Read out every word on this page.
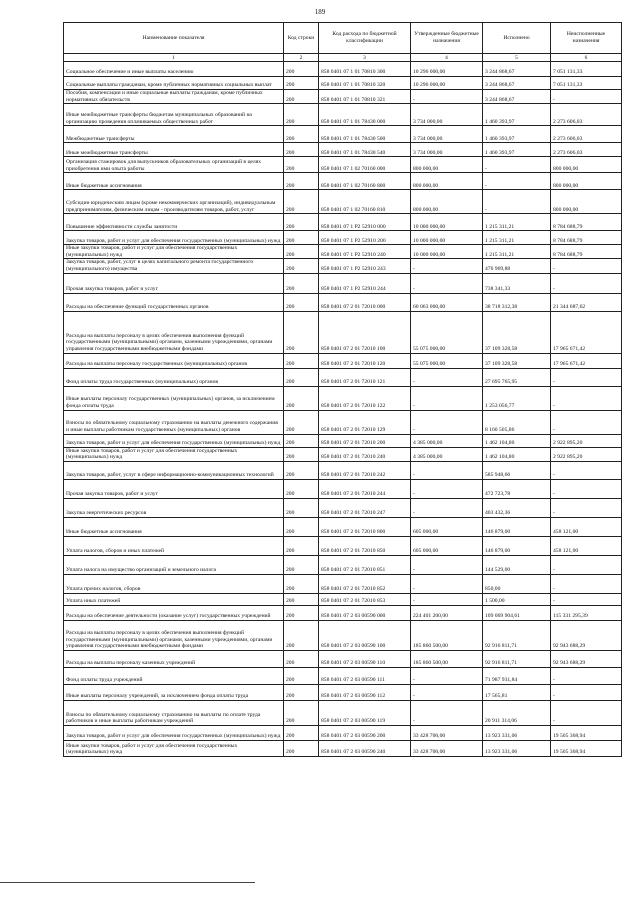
189
Наименование показателя	Код строки	Код расхода по бюджетной классификации	Утвержденные бюджетные назначения	Исполнено	Неисполненные назначения
1	2	3	4	5	6
Социальное обеспечение и иные выплаты населению	200	858 0401 07 1 01 70810 300	10 296 000,00	3 244 868,67	7 051 131,33
Социальные выплаты гражданам, кроме публичных нормативных социальных выплат	200	858 0401 07 1 01 70810 320	10 296 000,00	3 244 868,67	7 051 131,33
Пособия, компенсации и иные социальные выплаты гражданам, кроме публичных нормативных обязательств	200	858 0401 07 1 01 70810 321	-	3 244 868,67	-
Иные межбюджетные трансферты бюджетам муниципальных образований на организацию проведения оплачиваемых общественных работ	200	858 0401 07 1 01 78430 000	3 734 000,00	1 460 393,97	2 273 606,03
Межбюджетные трансферты	200	858 0401 07 1 01 78430 500	3 734 000,00	1 460 393,97	2 273 606,03
Иные межбюджетные трансферты	200	858 0401 07 1 01 78430 540	3 734 000,00	1 460 393,97	2 273 606,03
Организация стажировок для выпускников образовательных организаций в целях приобретения ими опыта работы	200	858 0401 07 1 02 70160 000	800 000,00	-	800 000,00
Иные бюджетные ассигнования	200	858 0401 07 1 02 70160 800	800 000,00	-	800 000,00
Субсидии юридическим лицам (кроме некоммерческих организаций), индивидуальным предпринимателям, физическим лицам - производителям товаров, работ, услуг	200	858 0401 07 1 02 70160 810	800 000,00	-	800 000,00
Повышение эффективности службы занятости	200	858 0401 07 1 P2 52910 000	10 000 000,00	1 215 311,21	8 784 688,79
Закупка товаров, работ и услуг для обеспечения государственных (муниципальных) нужд	200	858 0401 07 1 P2 52910 200	10 000 000,00	1 215 311,21	8 784 688,79
Иные закупки товаров, работ и услуг для обеспечения государственных (муниципальных) нужд	200	858 0401 07 1 P2 52910 240	10 000 000,00	1 215 311,21	8 784 688,79
Закупка товаров, работ, услуг в целях капитального ремонта государственного (муниципального) имущества	200	858 0401 07 1 P2 52910 243	-	476 969,88	-
Прочая закупка товаров, работ и услуг	200	858 0401 07 1 P2 52910 244	-	738 341,33	-
Расходы на обеспечение функций государственных органов	200	858 0401 07 2 01 72010 000	60 063 000,00	38 718 312,38	21 344 687,62
Расходы на выплаты персоналу в целях обеспечения выполнения функций государственными (муниципальными) органами, казенными учреждениями, органами управления государственными внебюджетными фондами	200	858 0401 07 2 01 72010 100	55 075 000,00	37 109 328,58	17 965 671,42
Расходы на выплаты персоналу государственных (муниципальных) органов	200	858 0401 07 2 01 72010 120	55 075 000,00	37 109 328,58	17 965 671,42
Фонд оплаты труда государственных (муниципальных) органов	200	858 0401 07 2 01 72010 121	-	27 695 765,95	-
Иные выплаты персоналу государственных (муниципальных) органов, за исключением фонда оплаты труда	200	858 0401 07 2 01 72010 122	-	1 253 056,77	-
Взносы по обязательному социальному страхованию на выплаты денежного содержания и иные выплаты работникам государственных (муниципальных) органов	200	858 0401 07 2 01 72010 129	-	8 160 505,86	-
Закупка товаров, работ и услуг для обеспечения государственных (муниципальных) нужд	200	858 0401 07 2 01 72010 200	4 385 000,00	1 462 104,80	2 922 895,20
Иные закупки товаров, работ и услуг для обеспечения государственных (муниципальных) нужд	200	858 0401 07 2 01 72010 240	4 385 000,00	1 462 104,80	2 922 895,20
Закупка товаров, работ, услуг в сфере информационно-коммуникационных технологий	200	858 0401 07 2 01 72010 242	-	585 948,66	-
Прочая закупка товаров, работ и услуг	200	858 0401 07 2 01 72010 244	-	472 723,78	-
Закупка энергетических ресурсов	200	858 0401 07 2 01 72010 247	-	403 432,36	-
Иные бюджетные ассигнования	200	858 0401 07 2 01 72010 800	605 000,00	146 879,00	458 121,00
Уплата налогов, сборов и иных платежей	200	858 0401 07 2 01 72010 850	605 000,00	146 879,00	458 121,00
Уплата налога на имущество организаций и земельного налога	200	858 0401 07 2 01 72010 851	-	144 529,00	-
Уплата прочих налогов, сборов	200	858 0401 07 2 01 72010 852	-	850,00	-
Уплата иных платежей	200	858 0401 07 2 01 72010 853	-	1 500,00	-
Расходы на обеспечение деятельности (оказание услуг) государственных учреждений	200	858 0401 07 2 03 00590 000	224 401 200,00	109 069 904,61	115 331 295,39
Расходы на выплаты персоналу в целях обеспечения выполнения функций государственными (муниципальными) органами, казенными учреждениями, органами управления государственными внебюджетными фондами	200	858 0401 07 2 03 00590 100	185 860 500,00	92 916 811,71	92 943 688,29
Расходы на выплаты персоналу казенных учреждений	200	858 0401 07 2 03 00590 110	185 860 500,00	92 916 811,71	92 943 688,29
Фонд оплаты труда учреждений	200	858 0401 07 2 03 00590 111	-	71 987 931,84	-
Иные выплаты персоналу учреждений, за исключением фонда оплаты труда	200	858 0401 07 2 03 00590 112	-	17 565,81	-
Взносы по обязательному социальному страхованию на выплаты по оплате труда работников и иные выплаты работникам учреждений	200	858 0401 07 2 03 00590 119	-	20 911 314,06	-
Закупка товаров, работ и услуг для обеспечения государственных (муниципальных) нужд	200	858 0401 07 2 03 00590 200	33 428 700,00	13 923 331,06	19 505 368,94
Иные закупки товаров, работ и услуг для обеспечения государственных (муниципальных) нужд	200	858 0401 07 2 03 00590 240	33 428 700,00	13 923 331,06	19 505 368,94
